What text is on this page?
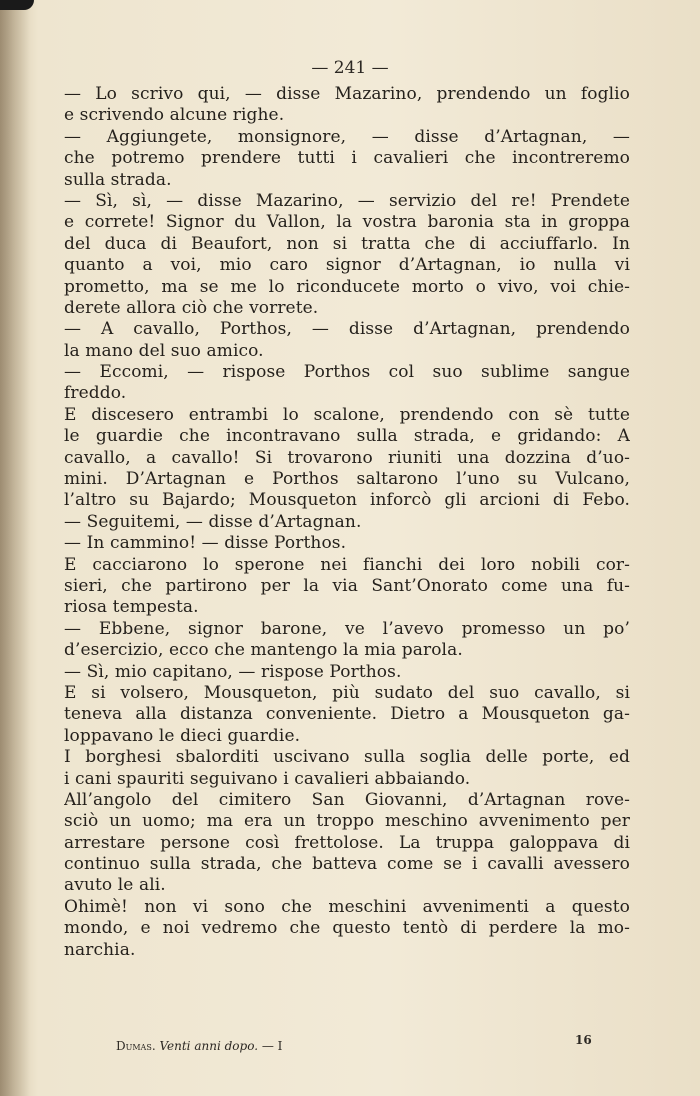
— 241 —
— Lo scrivo qui, — disse Mazarino, prendendo un foglio
e scrivendo alcune righe.
— Aggiungete, monsignore, — disse d’Artagnan, —
che potremo prendere tutti i cavalieri che incontreremo
sulla strada.
— Sì, sì, — disse Mazarino, — servizio del re! Prendete
e correte! Signor du Vallon, la vostra baronia sta in groppa
del duca di Beaufort, non si tratta che di acciuffarlo. In
quanto a voi, mio caro signor d’Artagnan, io nulla vi
prometto, ma se me lo riconducete morto o vivo, voi chie-
derete allora ciò che vorrete.
— A cavallo, Porthos, — disse d’Artagnan, prendendo
la mano del suo amico.
— Eccomi, — rispose Porthos col suo sublime sangue
freddo.
E discesero entrambi lo scalone, prendendo con sè tutte
le guardie che incontravano sulla strada, e gridando: A
cavallo, a cavallo! Si trovarono riuniti una dozzina d’uo-
mini. D’Artagnan e Porthos saltarono l’uno su Vulcano,
l’altro su Bajardo; Mousqueton inforcò gli arcioni di Febo.
— Seguitemi, — disse d’Artagnan.
— In cammino! — disse Porthos.
E cacciarono lo sperone nei fianchi dei loro nobili cor-
sieri, che partirono per la via Sant’Onorato come una fu-
riosa tempesta.
— Ebbene, signor barone, ve l’avevo promesso un po’
d’esercizio, ecco che mantengo la mia parola.
— Sì, mio capitano, — rispose Porthos.
E si volsero, Mousqueton, più sudato del suo cavallo, si
teneva alla distanza conveniente. Dietro a Mousqueton ga-
loppavano le dieci guardie.
I borghesi sbalorditi uscivano sulla soglia delle porte, ed
i cani spauriti seguivano i cavalieri abbaiando.
All’angolo del cimitero San Giovanni, d’Artagnan rove-
sciò un uomo; ma era un troppo meschino avvenimento per
arrestare persone così frettolose. La truppa galoppava di
continuo sulla strada, che batteva come se i cavalli avessero
avuto le ali.
Ohimè! non vi sono che meschini avvenimenti a questo
mondo, e noi vedremo che questo tentò di perdere la mo-
narchia.
Dumas. Venti anni dopo. — I	16
